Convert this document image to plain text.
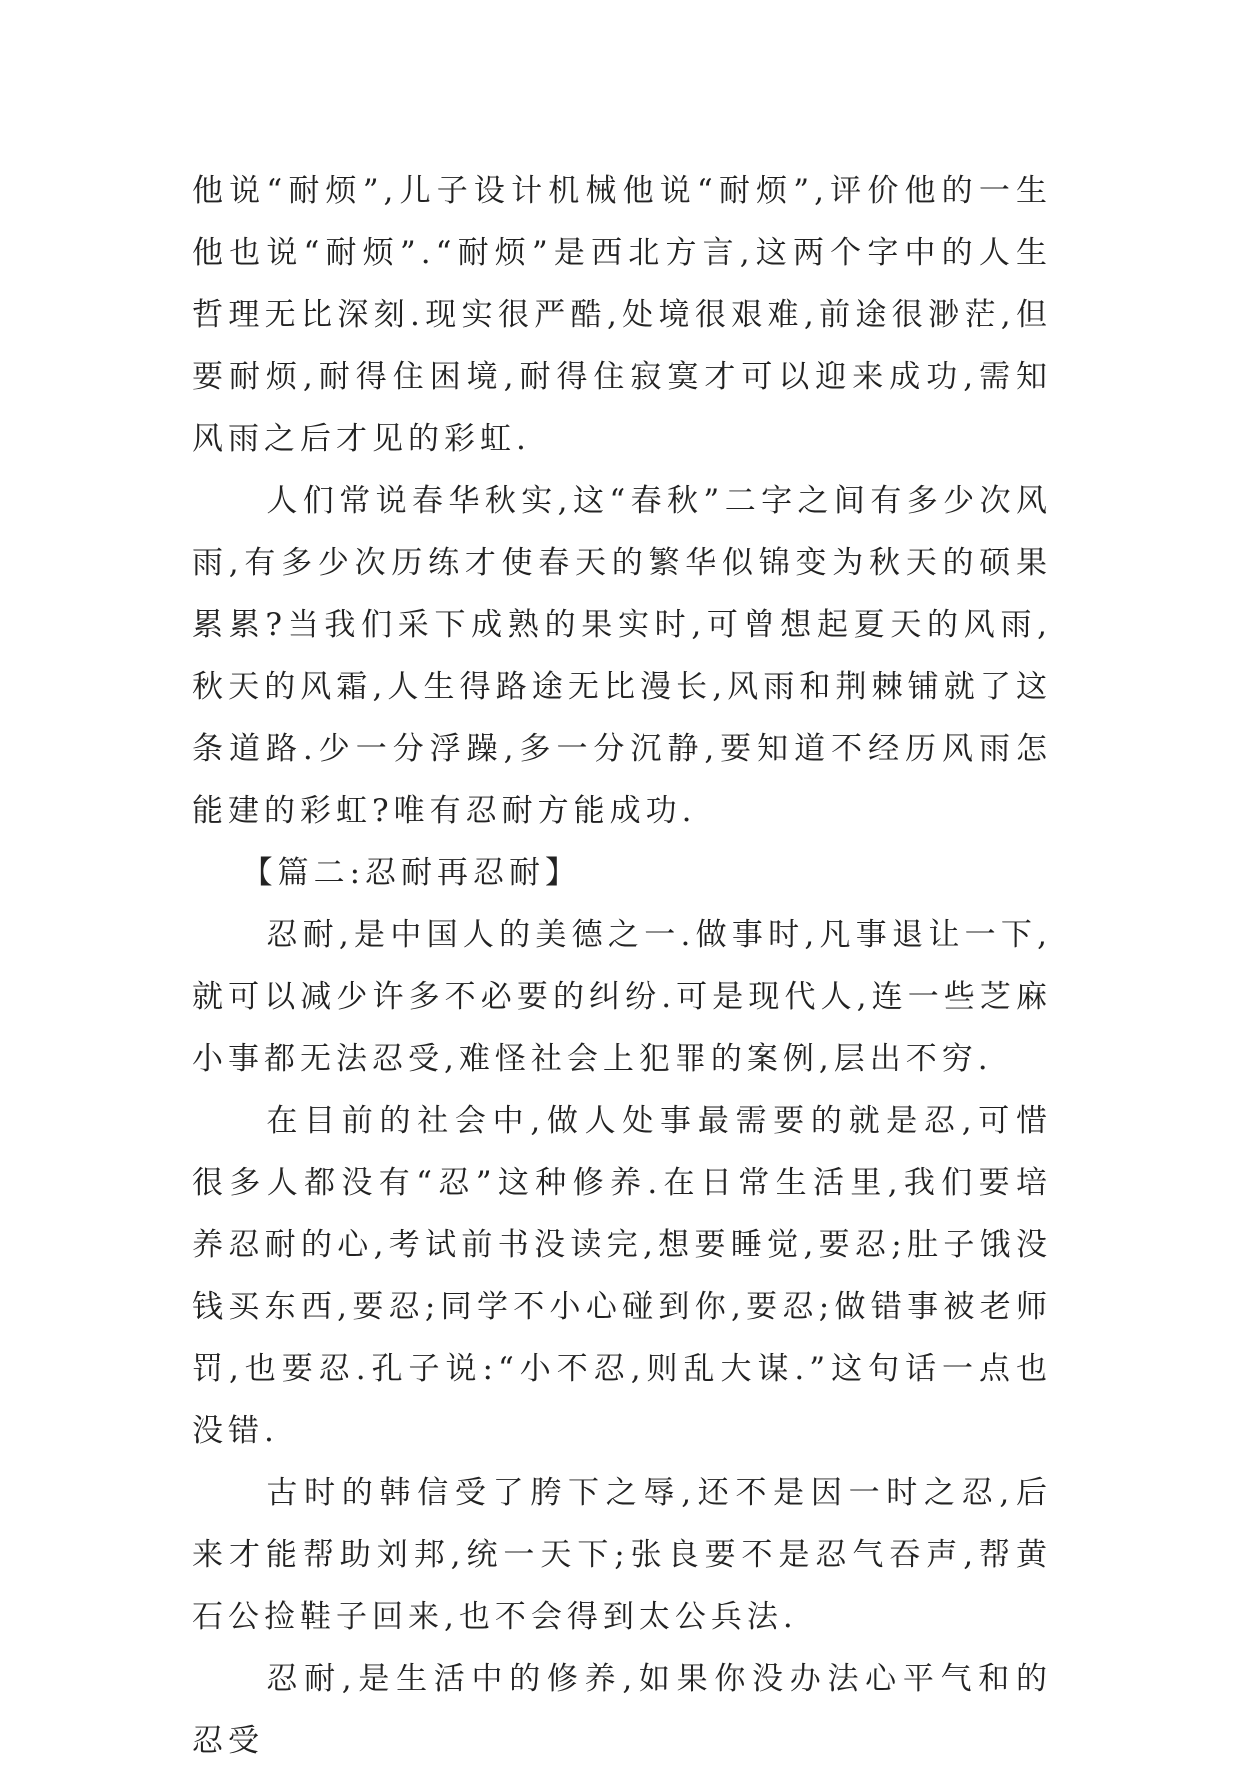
他说“耐烦”,儿子设计机械他说“耐烦”,评价他的一生他也说“耐烦”.“耐烦”是西北方言,这两个字中的人生哲理无比深刻.现实很严酷,处境很艰难,前途很渺茫,但要耐烦,耐得住困境,耐得住寂寞才可以迎来成功,需知风雨之后才见的彩虹.

人们常说春华秋实,这“春秋”二字之间有多少次风雨,有多少次历练才使春天的繁华似锦变为秋天的硕果累累?当我们采下成熟的果实时,可曾想起夏天的风雨,秋天的风霜,人生得路途无比漫长,风雨和荆棘铺就了这条道路.少一分浮躁,多一分沉静,要知道不经历风雨怎能建的彩虹?唯有忍耐方能成功.

【篇二:忍耐再忍耐】

忍耐,是中国人的美德之一.做事时,凡事退让一下,就可以减少许多不必要的纠纷.可是现代人,连一些芝麻小事都无法忍受,难怪社会上犯罪的案例,层出不穷.

在目前的社会中,做人处事最需要的就是忍,可惜很多人都没有“忍”这种修养.在日常生活里,我们要培养忍耐的心,考试前书没读完,想要睡觉,要忍;肚子饿没钱买东西,要忍;同学不小心碰到你,要忍;做错事被老师罚,也要忍.孔子说:“小不忍,则乱大谋.”这句话一点也没错.

古时的韩信受了胯下之辱,还不是因一时之忍,后来才能帮助刘邦,统一天下;张良要不是忍气吞声,帮黄石公捡鞋子回来,也不会得到太公兵法.

忍耐,是生活中的修养,如果你没办法心平气和的忍受
